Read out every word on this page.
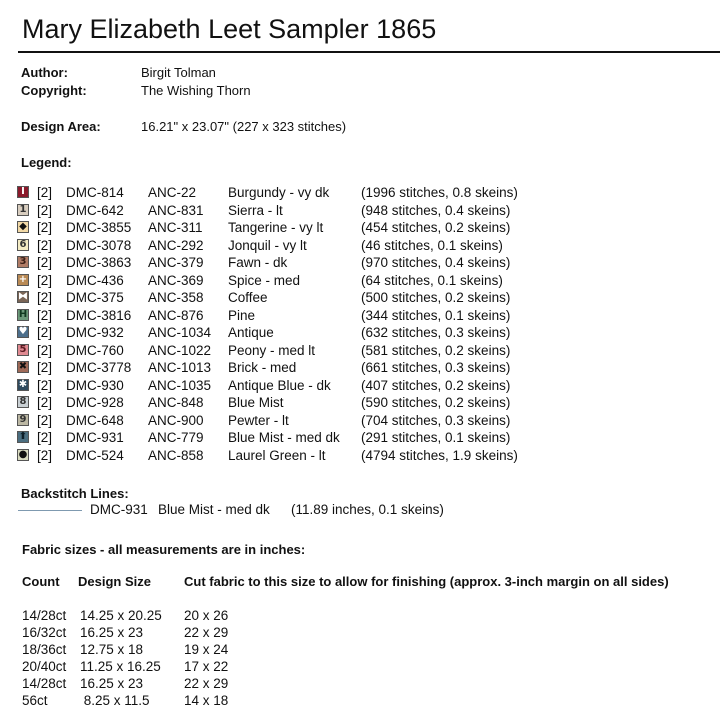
Mary Elizabeth Leet Sampler 1865
Author:	Birgit Tolman
Copyright:	The Wishing Thorn
Design Area:	16.21" x 23.07" (227 x 323 stitches)
Legend:
I [2] DMC-814 ANC-22 Burgundy - vy dk (1996 stitches, 0.8 skeins)
1 [2] DMC-642 ANC-831 Sierra - lt	(948 stitches, 0.4 skeins)
◆ [2] DMC-3855 ANC-311 Tangerine - vy lt	(454 stitches, 0.2 skeins)
6 [2] DMC-3078 ANC-292 Jonquil - vy lt	(46 stitches, 0.1 skeins)
3 [2] DMC-3863 ANC-379 Fawn - dk	(970 stitches, 0.4 skeins)
+ [2] DMC-436 ANC-369 Spice - med	(64 stitches, 0.1 skeins)
⧓ [2] DMC-375 ANC-358 Coffee	(500 stitches, 0.2 skeins)
H [2] DMC-3816 ANC-876 Pine	(344 stitches, 0.1 skeins)
♥ [2] DMC-932 ANC-1034 Antique	(632 stitches, 0.3 skeins)
5 [2] DMC-760 ANC-1022 Peony - med lt	(581 stitches, 0.2 skeins)
✖ [2] DMC-3778 ANC-1013 Brick - med	(661 stitches, 0.3 skeins)
✱ [2] DMC-930 ANC-1035 Antique Blue - dk (407 stitches, 0.2 skeins)
8 [2] DMC-928 ANC-848 Blue Mist	(590 stitches, 0.2 skeins)
9 [2] DMC-648 ANC-900 Pewter - lt	(704 stitches, 0.3 skeins)
⬆ [2] DMC-931 ANC-779 Blue Mist - med dk (291 stitches, 0.1 skeins)
● [2] DMC-524 ANC-858 Laurel Green - lt	(4794 stitches, 1.9 skeins)
Backstitch Lines:
DMC-931 Blue Mist - med dk (11.89 inches, 0.1 skeins)
Fabric sizes - all measurements are in inches:
Count Design Size	Cut fabric to this size to allow for finishing (approx. 3-inch margin on all sides)
14/28ct 14.25 x 20.25 20 x 26
16/32ct 16.25 x 23	22 x 29
18/36ct 12.75 x 18	19 x 24
20/40ct 11.25 x 16.25 17 x 22
14/28ct 16.25 x 23	22 x 29
56ct 8.25 x 11.5	14 x 18
